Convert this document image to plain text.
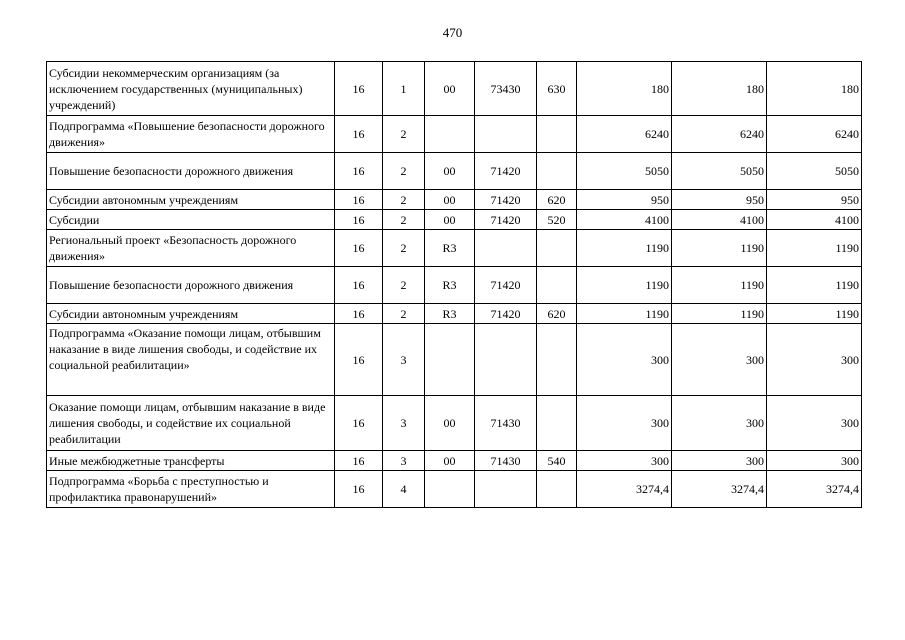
470
Субсидии некоммерческим организациям (за исключением государственных (муниципальных) учреждений)	16	1	00	73430	630	180	180	180
Подпрограмма «Повышение безопасности дорожного движения»	16	2				6240	6240	6240
Повышение безопасности дорожного движения	16	2	00	71420		5050	5050	5050
Субсидии автономным учреждениям	16	2	00	71420	620	950	950	950
Субсидии	16	2	00	71420	520	4100	4100	4100
Региональный проект «Безопасность дорожного движения»	16	2	R3			1190	1190	1190
Повышение безопасности дорожного движения	16	2	R3	71420		1190	1190	1190
Субсидии автономным учреждениям	16	2	R3	71420	620	1190	1190	1190
Подпрограмма «Оказание помощи лицам, отбывшим наказание в виде лишения свободы, и содействие их социальной реабилитации»	16	3				300	300	300
Оказание помощи лицам, отбывшим наказание в виде лишения свободы, и содействие их социальной реабилитации	16	3	00	71430		300	300	300
Иные межбюджетные трансферты	16	3	00	71430	540	300	300	300
Подпрограмма «Борьба с преступностью и профилактика правонарушений»	16	4				3274,4	3274,4	3274,4
